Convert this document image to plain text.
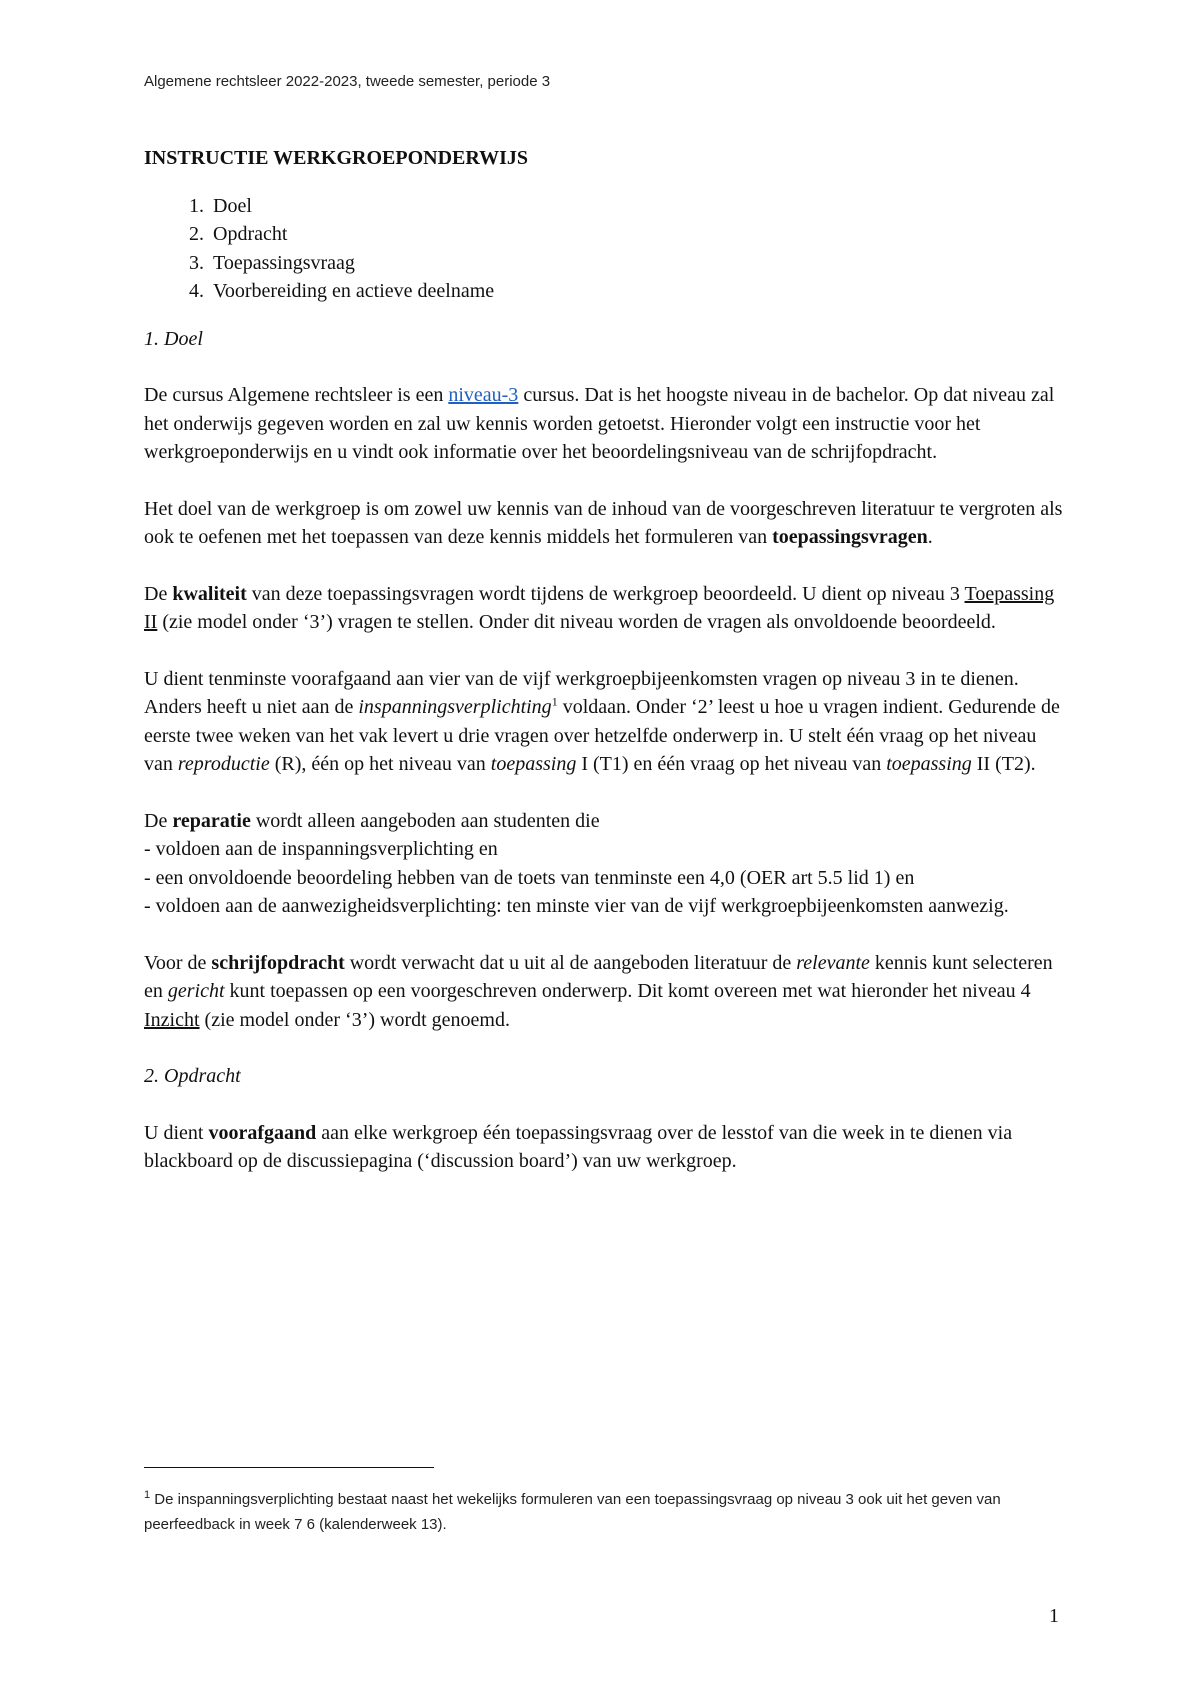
Algemene rechtsleer 2022-2023, tweede semester, periode 3
INSTRUCTIE WERKGROEPONDERWIJS
1. Doel
2. Opdracht
3. Toepassingsvraag
4. Voorbereiding en actieve deelname
1. Doel

De cursus Algemene rechtsleer is een niveau-3 cursus. Dat is het hoogste niveau in de bachelor. Op dat niveau zal het onderwijs gegeven worden en zal uw kennis worden getoetst. Hieronder volgt een instructie voor het werkgroeponderwijs en u vindt ook informatie over het beoordelingsniveau van de schrijfopdracht.

Het doel van de werkgroep is om zowel uw kennis van de inhoud van de voorgeschreven literatuur te vergroten als ook te oefenen met het toepassen van deze kennis middels het formuleren van toepassingsvragen.

De kwaliteit van deze toepassingsvragen wordt tijdens de werkgroep beoordeeld. U dient op niveau 3 Toepassing II (zie model onder ‘3’) vragen te stellen. Onder dit niveau worden de vragen als onvoldoende beoordeeld.

U dient tenminste voorafgaand aan vier van de vijf werkgroepbijeenkomsten vragen op niveau 3 in te dienen. Anders heeft u niet aan de inspanningsverplichting$^1$ voldaan. Onder ‘2’ leest u hoe u vragen indient. Gedurende de eerste twee weken van het vak levert u drie vragen over hetzelfde onderwerp in. U stelt één vraag op het niveau van reproductie (R), één op het niveau van toepassing I (T1) en één vraag op het niveau van toepassing II (T2).

De reparatie wordt alleen aangeboden aan studenten die
- voldoen aan de inspanningsverplichting en
- een onvoldoende beoordeling hebben van de toets van tenminste een 4,0 (OER art 5.5 lid 1) en
- voldoen aan de aanwezigheidsverplichting: ten minste vier van de vijf werkgroepbijeenkomsten aanwezig.

Voor de schrijfopdracht wordt verwacht dat u uit al de aangeboden literatuur de relevante kennis kunt selecteren en gericht kunt toepassen op een voorgeschreven onderwerp. Dit komt overeen met wat hieronder het niveau 4 Inzicht (zie model onder ‘3’) wordt genoemd.

2. Opdracht

U dient voorafgaand aan elke werkgroep één toepassingsvraag over de lesstof van die week in te dienen via blackboard op de discussiepagina (‘discussion board’) van uw werkgroep.

$^1$ De inspanningsverplichting bestaat naast het wekelijks formuleren van een toepassingsvraag op niveau 3 ook uit het geven van peerfeedback in week 7 6 (kalenderweek 13).
1
